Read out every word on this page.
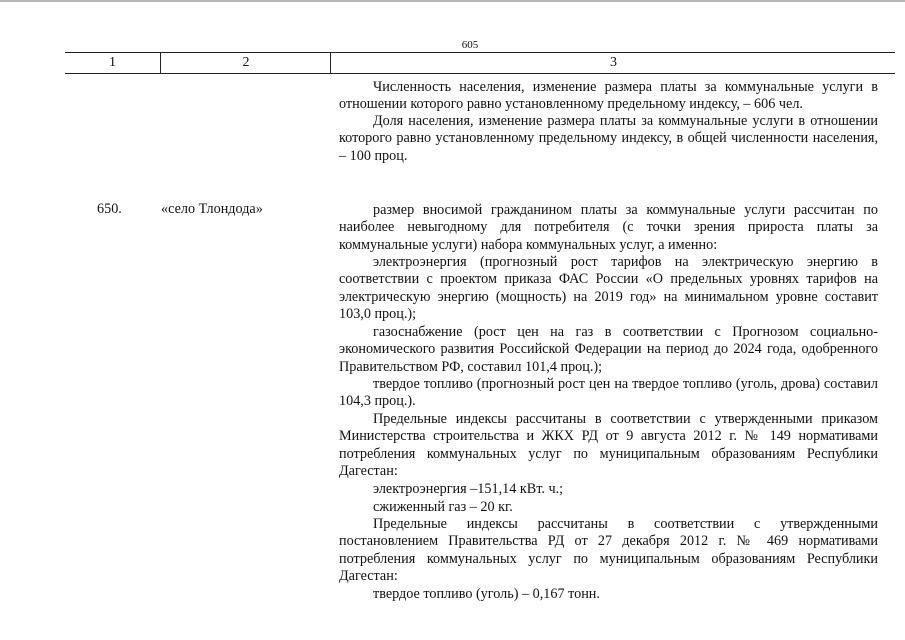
605
1	2	3

Численность населения, изменение размера платы за коммунальные услуги в отношении которого равно установленному предельному индексу, – 606 чел.

Доля населения, изменение размера платы за коммунальные услуги в отношении которого равно установленному предельному индексу, в общей численности населения, – 100 проц.

650.	«село Тлондода»	размер вносимой гражданином платы за коммунальные услуги рассчитан по наиболее невыгодному для потребителя (с точки зрения прироста платы за коммунальные услуги) набора коммунальных услуг, а именно:

электроэнергия (прогнозный рост тарифов на электрическую энергию в соответствии с проектом приказа ФАС России «О предельных уровнях тарифов на электрическую энергию (мощность) на 2019 год» на минимальном уровне составит 103,0 проц.);

газоснабжение (рост цен на газ в соответствии с Прогнозом социально-экономического развития Российской Федерации на период до 2024 года, одобренного Правительством РФ, составил 101,4 проц.);

твердое топливо (прогнозный рост цен на твердое топливо (уголь, дрова) составил 104,3 проц.).

Предельные индексы рассчитаны в соответствии с утвержденными приказом Министерства строительства и ЖКХ РД от 9 августа 2012 г. № 149 нормативами потребления коммунальных услуг по муниципальным образованиям Республики Дагестан:

электроэнергия –151,14 кВт. ч.;
сжиженный газ – 20 кг.

Предельные индексы рассчитаны в соответствии с утвержденными постановлением Правительства РД от 27 декабря 2012 г. № 469 нормативами потребления коммунальных услуг по муниципальным образованиям Республики Дагестан:

твердое топливо (уголь) – 0,167 тонн.
